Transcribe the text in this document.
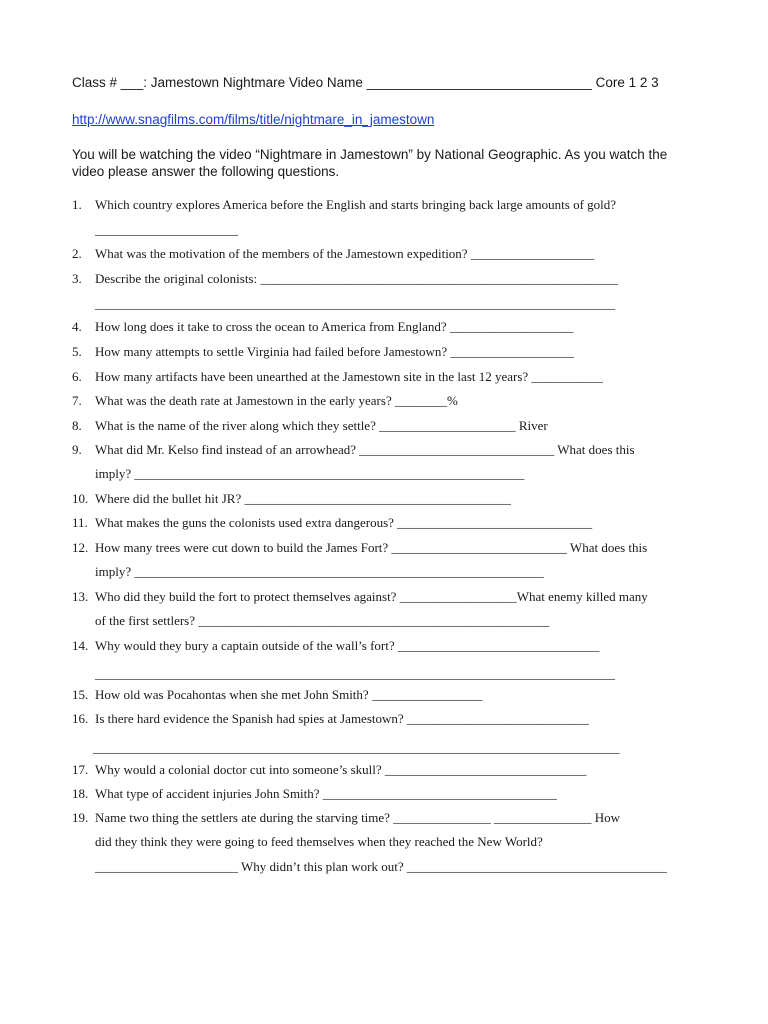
Class # ___: Jamestown Nightmare Video Name ______________________________ Core 1 2 3
http://www.snagfilms.com/films/title/nightmare_in_jamestown
You will be watching the video “Nightmare in Jamestown” by National Geographic. As you watch the video please answer the following questions.
1. Which country explores America before the English and starts bringing back large amounts of gold?
______________________
2. What was the motivation of the members of the Jamestown expedition? ___________________
3. Describe the original colonists: _______________________________________________________
________________________________________________________________________________
4. How long does it take to cross the ocean to America from England? ___________________
5. How many attempts to settle Virginia had failed before Jamestown? ___________________
6. How many artifacts have been unearthed at the Jamestown site in the last 12 years? ___________
7. What was the death rate at Jamestown in the early years? ________%
8. What is the name of the river along which they settle? _____________________ River
9. What did Mr. Kelso find instead of an arrowhead? ______________________________ What does this
imply? ____________________________________________________________
10. Where did the bullet hit JR? _________________________________________
11. What makes the guns the colonists used extra dangerous? ______________________________
12. How many trees were cut down to build the James Fort? ___________________________ What does this
imply? _______________________________________________________________
13. Who did they build the fort to protect themselves against? __________________What enemy killed many
of the first settlers? ______________________________________________________
14. Why would they bury a captain outside of the wall’s fort? _______________________________
________________________________________________________________________________
15. How old was Pocahontas when she met John Smith? _________________
16. Is there hard evidence the Spanish had spies at Jamestown? ____________________________
_________________________________________________________________________________
17. Why would a colonial doctor cut into someone’s skull? _______________________________
18. What type of accident injuries John Smith? ____________________________________
19. Name two thing the settlers ate during the starving time? _______________ _______________ How
did they think they were going to feed themselves when they reached the New World?
______________________ Why didn’t this plan work out? ________________________________________
